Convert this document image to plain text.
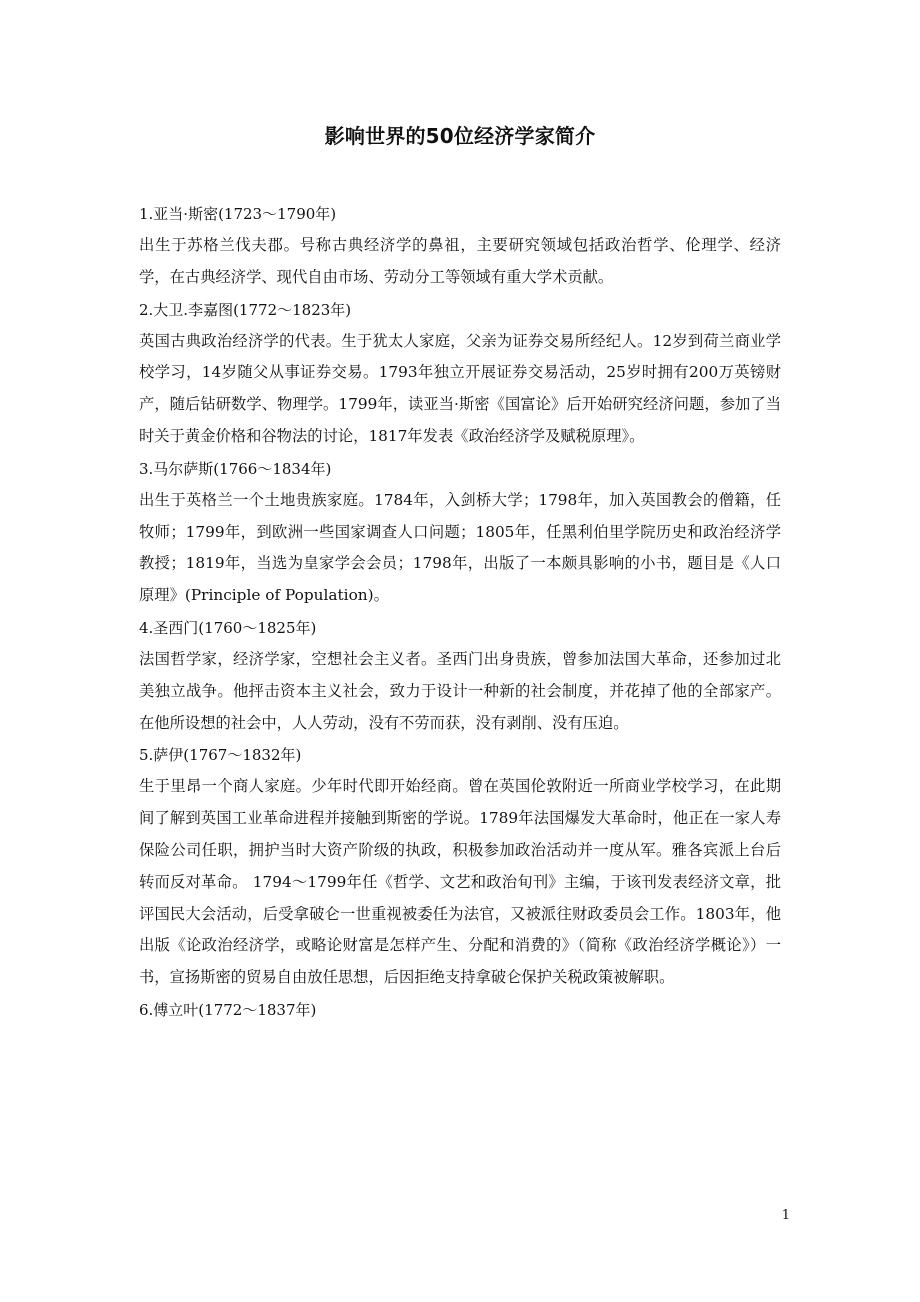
影响世界的50位经济学家简介

1.亚当·斯密(1723～1790年)

出生于苏格兰伐夫郡。号称古典经济学的鼻祖，主要研究领域包括政治哲学、伦理学、经济学，在古典经济学、现代自由市场、劳动分工等领域有重大学术贡献。

2.大卫.李嘉图(1772～1823年)

英国古典政治经济学的代表。生于犹太人家庭，父亲为证券交易所经纪人。12岁到荷兰商业学校学习，14岁随父从事证券交易。1793年独立开展证券交易活动，25岁时拥有200万英镑财产，随后钻研数学、物理学。1799年，读亚当·斯密《国富论》后开始研究经济问题，参加了当时关于黄金价格和谷物法的讨论，1817年发表《政治经济学及赋税原理》。

3.马尔萨斯(1766～1834年)

出生于英格兰一个土地贵族家庭。1784年，入剑桥大学；1798年，加入英国教会的僧籍，任牧师；1799年，到欧洲一些国家调查人口问题；1805年，任黑利伯里学院历史和政治经济学教授；1819年，当选为皇家学会会员；1798年，出版了一本颇具影响的小书，题目是《人口原理》(Principle of Population)。

4.圣西门(1760～1825年)

法国哲学家，经济学家，空想社会主义者。圣西门出身贵族，曾参加法国大革命，还参加过北美独立战争。他抨击资本主义社会，致力于设计一种新的社会制度，并花掉了他的全部家产。在他所设想的社会中，人人劳动，没有不劳而获，没有剥削、没有压迫。

5.萨伊(1767～1832年)

生于里昂一个商人家庭。少年时代即开始经商。曾在英国伦敦附近一所商业学校学习，在此期间了解到英国工业革命进程并接触到斯密的学说。1789年法国爆发大革命时，他正在一家人寿保险公司任职，拥护当时大资产阶级的执政，积极参加政治活动并一度从军。雅各宾派上台后转而反对革命。 1794～1799年任《哲学、文艺和政治旬刊》主编，于该刊发表经济文章，批评国民大会活动，后受拿破仑一世重视被委任为法官，又被派往财政委员会工作。1803年，他出版《论政治经济学，或略论财富是怎样产生、分配和消费的》（简称《政治经济学概论》）一书，宣扬斯密的贸易自由放任思想，后因拒绝支持拿破仑保护关税政策被解职。

6.傅立叶(1772～1837年)

1
